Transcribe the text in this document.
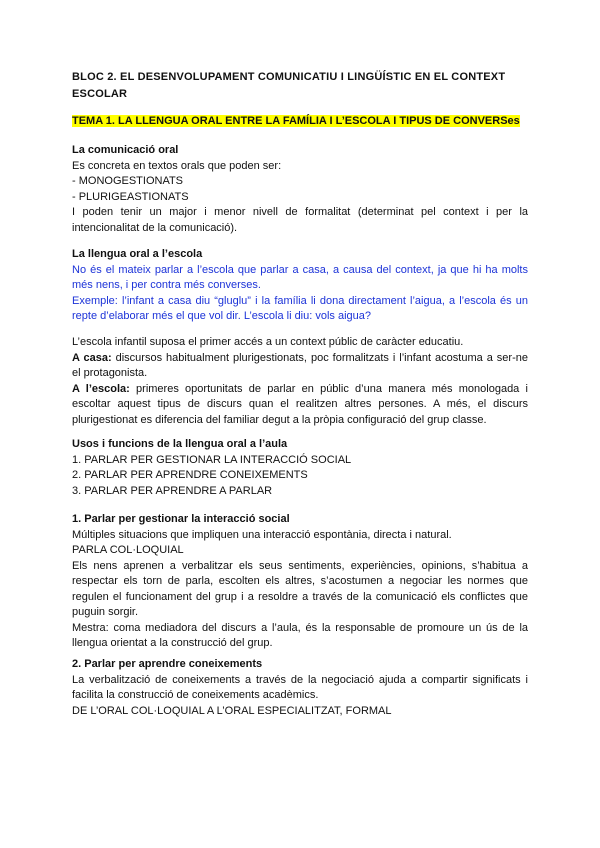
BLOC 2. EL DESENVOLUPAMENT COMUNICATIU I LINGÜÍSTIC EN EL CONTEXT ESCOLAR

TEMA 1. LA LLENGUA ORAL ENTRE LA FAMÍLIA I L’ESCOLA I TIPUS DE CONVERSes

La comunicació oral
Es concreta en textos orals que poden ser:
- MONOGESTIONATS
- PLURIGEASTIONATS

I poden tenir un major i menor nivell de formalitat (determinat pel context i per la intencionalitat de la comunicació).

La llengua oral a l’escola

No és el mateix parlar a l’escola que parlar a casa, a causa del context, ja que hi ha molts més nens, i per contra més converses.

Exemple: l’infant a casa diu “gluglu” i la família li dona directament l’aigua, a l’escola és un repte d’elaborar més el que vol dir. L’escola li diu: vols aigua?

L’escola infantil suposa el primer accés a un context públic de caràcter educatiu.

A casa: discursos habitualment plurigestionats, poc formalitzats i l’infant acostuma a ser-ne el protagonista.

A l’escola: primeres oportunitats de parlar en públic d’una manera més monologada i escoltar aquest tipus de discurs quan el realitzen altres persones. A més, el discurs plurigestionat es diferencia del familiar degut a la pròpia configuració del grup classe.

Usos i funcions de la llengua oral a l’aula
1. PARLAR PER GESTIONAR LA INTERACCIÓ SOCIAL
2. PARLAR PER APRENDRE CONEIXEMENTS
3. PARLAR PER APRENDRE A PARLAR
1. Parlar per gestionar la interacció social
Múltiples situacions que impliquen una interacció espontània, directa i natural.
PARLA COL·LOQUIAL

Els nens aprenen a verbalitzar els seus sentiments, experiències, opinions, s’habitua a respectar els torn de parla, escolten els altres, s’acostumen a negociar les normes que regulen el funcionament del grup i a resoldre a través de la comunicació els conflictes que puguin sorgir.

Mestra: coma mediadora del discurs a l’aula, és la responsable de promoure un ús de la llengua orientat a la construcció del grup.

2. Parlar per aprendre coneixements

La verbalització de coneixements a través de la negociació ajuda a compartir significats i facilita la construcció de coneixements acadèmics.

DE L’ORAL COL·LOQUIAL A L’ORAL ESPECIALITZAT, FORMAL
